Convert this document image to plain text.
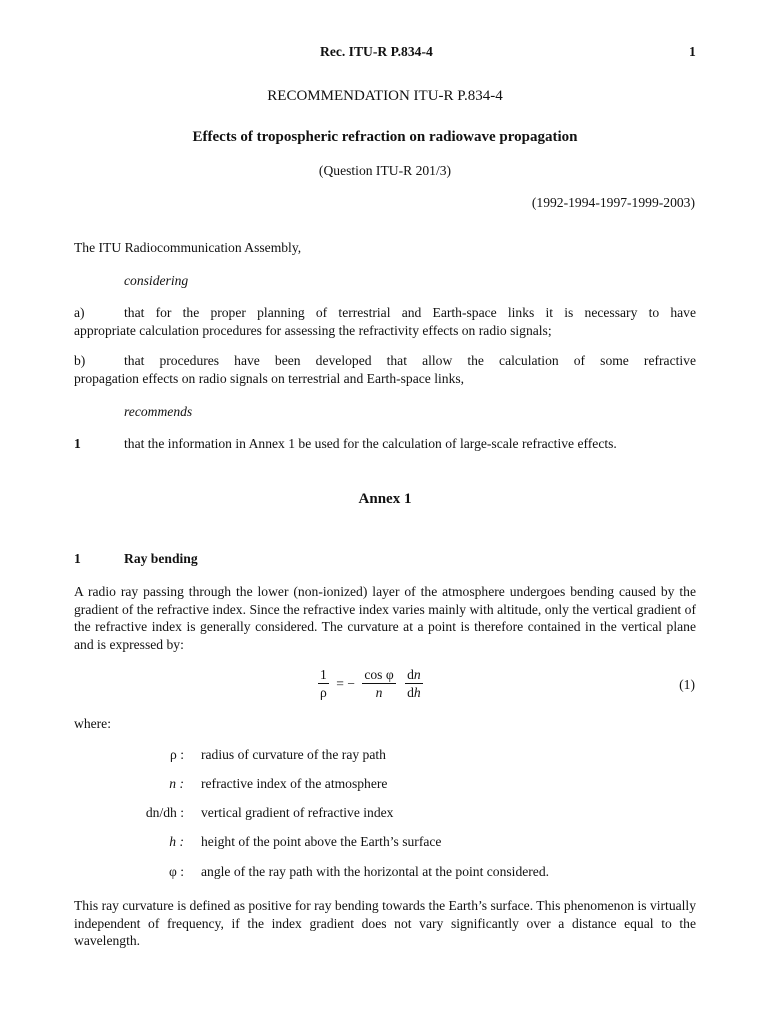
Rec. ITU-R P.834-4	1
RECOMMENDATION ITU-R P.834-4
Effects of tropospheric refraction on radiowave propagation
(Question ITU-R 201/3)
(1992-1994-1997-1999-2003)
The ITU Radiocommunication Assembly,
considering
a)	that for the proper planning of terrestrial and Earth-space links it is necessary to have
appropriate calculation procedures for assessing the refractivity effects on radio signals;
b)	that procedures have been developed that allow the calculation of some refractive
propagation effects on radio signals on terrestrial and Earth-space links,
recommends
1	that the information in Annex 1 be used for the calculation of large-scale refractive effects.
Annex 1
1	Ray bending
A radio ray passing through the lower (non-ionized) layer of the atmosphere undergoes bending caused by the gradient of the refractive index. Since the refractive index varies mainly with altitude, only the vertical gradient of the refractive index is generally considered. The curvature at a point is therefore contained in the vertical plane and is expressed by:
$\frac{1}{\rho}$ = − $\frac{\text{cos φ}}{n}$
$\frac{dn}{dh}$	(1)
where:
ρ : radius of curvature of the ray path
n : refractive index of the atmosphere
dn/dh : vertical gradient of refractive index
h : height of the point above the Earth’s surface
φ : angle of the ray path with the horizontal at the point considered.
This ray curvature is defined as positive for ray bending towards the Earth’s surface. This phenomenon is virtually independent of frequency, if the index gradient does not vary significantly over a distance equal to the wavelength.
